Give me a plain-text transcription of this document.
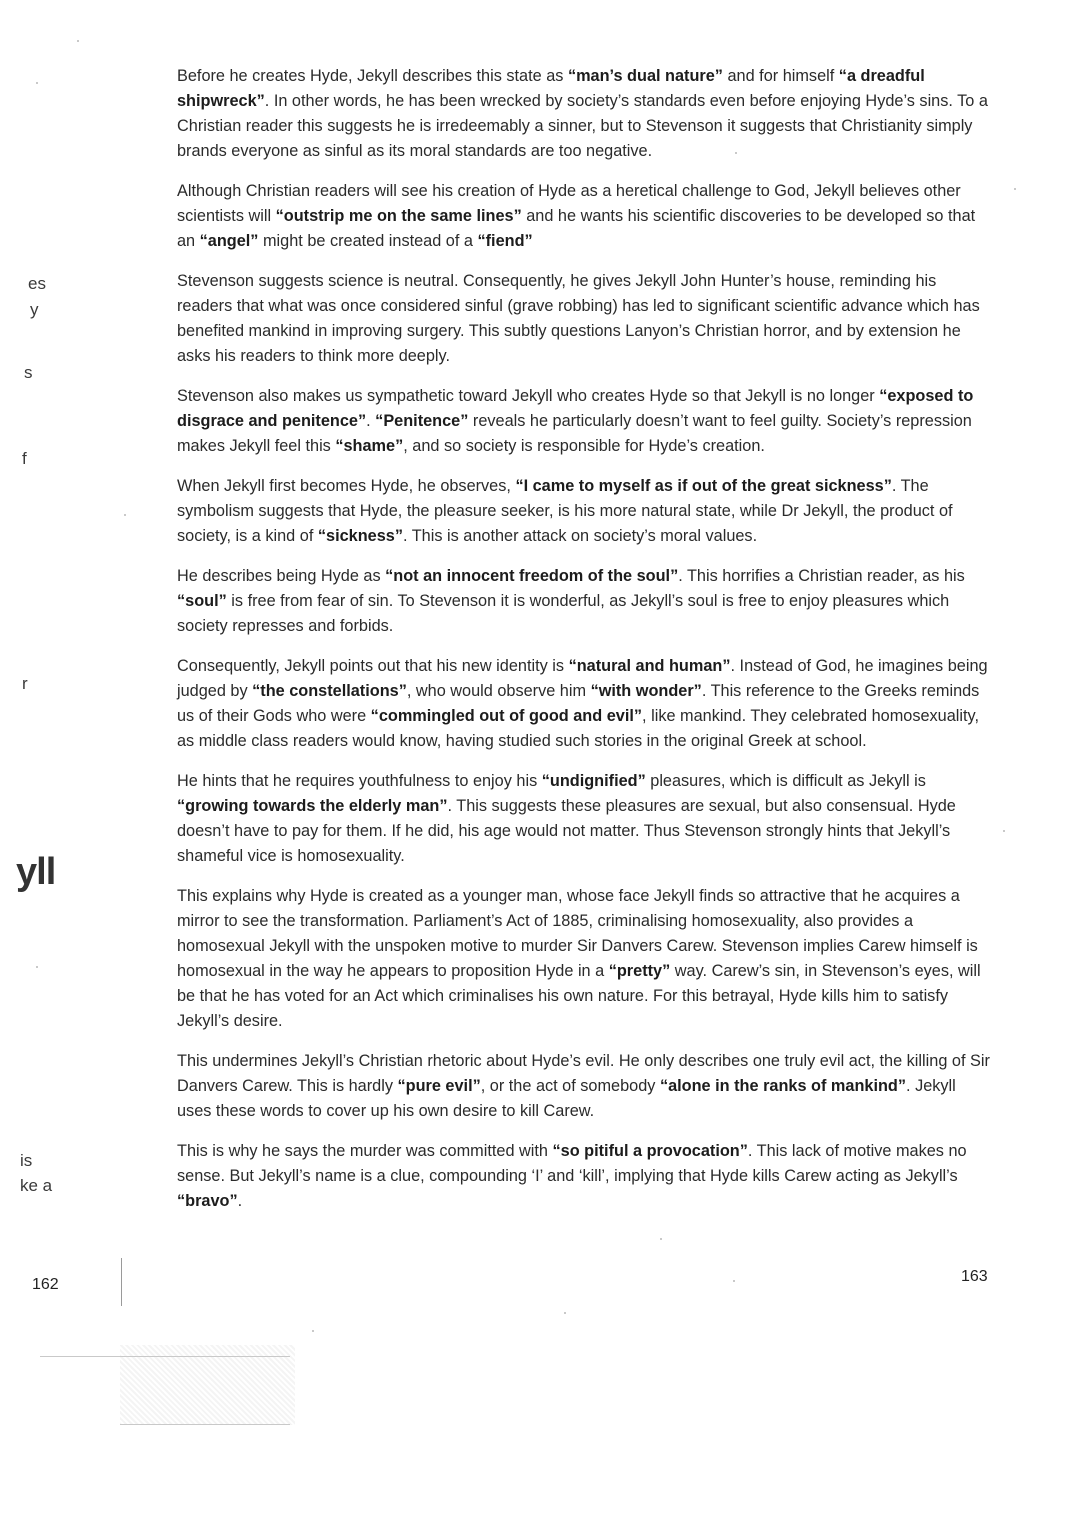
es
y
s
f
r
yll
is
ke a

Before he creates Hyde, Jekyll describes this state as “man’s dual nature” and for himself “a dreadful shipwreck”. In other words, he has been wrecked by society’s standards even before enjoying Hyde’s sins. To a Christian reader this suggests he is irredeemably a sinner, but to Stevenson it suggests that Christianity simply brands everyone as sinful as its moral standards are too negative.

Although Christian readers will see his creation of Hyde as a heretical challenge to God, Jekyll believes other scientists will “outstrip me on the same lines” and he wants his scientific discoveries to be developed so that an “angel” might be created instead of a “fiend”

Stevenson suggests science is neutral. Consequently, he gives Jekyll John Hunter’s house, reminding his readers that what was once considered sinful (grave robbing) has led to significant scientific advance which has benefited mankind in improving surgery. This subtly questions Lanyon’s Christian horror, and by extension he asks his readers to think more deeply.

Stevenson also makes us sympathetic toward Jekyll who creates Hyde so that Jekyll is no longer “exposed to disgrace and penitence”. “Penitence” reveals he particularly doesn’t want to feel guilty. Society’s repression makes Jekyll feel this “shame”, and so society is responsible for Hyde’s creation.

When Jekyll first becomes Hyde, he observes, “I came to myself as if out of the great sickness”. The symbolism suggests that Hyde, the pleasure seeker, is his more natural state, while Dr Jekyll, the product of society, is a kind of “sickness”. This is another attack on society’s moral values.

He describes being Hyde as “not an innocent freedom of the soul”. This horrifies a Christian reader, as his “soul” is free from fear of sin. To Stevenson it is wonderful, as Jekyll’s soul is free to enjoy pleasures which society represses and forbids.

Consequently, Jekyll points out that his new identity is “natural and human”. Instead of God, he imagines being judged by “the constellations”, who would observe him “with wonder”. This reference to the Greeks reminds us of their Gods who were “commingled out of good and evil”, like mankind. They celebrated homosexuality, as middle class readers would know, having studied such stories in the original Greek at school.

He hints that he requires youthfulness to enjoy his “undignified” pleasures, which is difficult as Jekyll is “growing towards the elderly man”. This suggests these pleasures are sexual, but also consensual. Hyde doesn’t have to pay for them. If he did, his age would not matter. Thus Stevenson strongly hints that Jekyll’s shameful vice is homosexuality.

This explains why Hyde is created as a younger man, whose face Jekyll finds so attractive that he acquires a mirror to see the transformation. Parliament’s Act of 1885, criminalising homosexuality, also provides a homosexual Jekyll with the unspoken motive to murder Sir Danvers Carew. Stevenson implies Carew himself is homosexual in the way he appears to proposition Hyde in a “pretty” way. Carew’s sin, in Stevenson’s eyes, will be that he has voted for an Act which criminalises his own nature. For this betrayal, Hyde kills him to satisfy Jekyll’s desire.

This undermines Jekyll’s Christian rhetoric about Hyde’s evil. He only describes one truly evil act, the killing of Sir Danvers Carew. This is hardly “pure evil”, or the act of somebody “alone in the ranks of mankind”. Jekyll uses these words to cover up his own desire to kill Carew.

This is why he says the murder was committed with “so pitiful a provocation”. This lack of motive makes no sense. But Jekyll’s name is a clue, compounding ‘I’ and ‘kill’, implying that Hyde kills Carew acting as Jekyll’s “bravo”.

162	163
